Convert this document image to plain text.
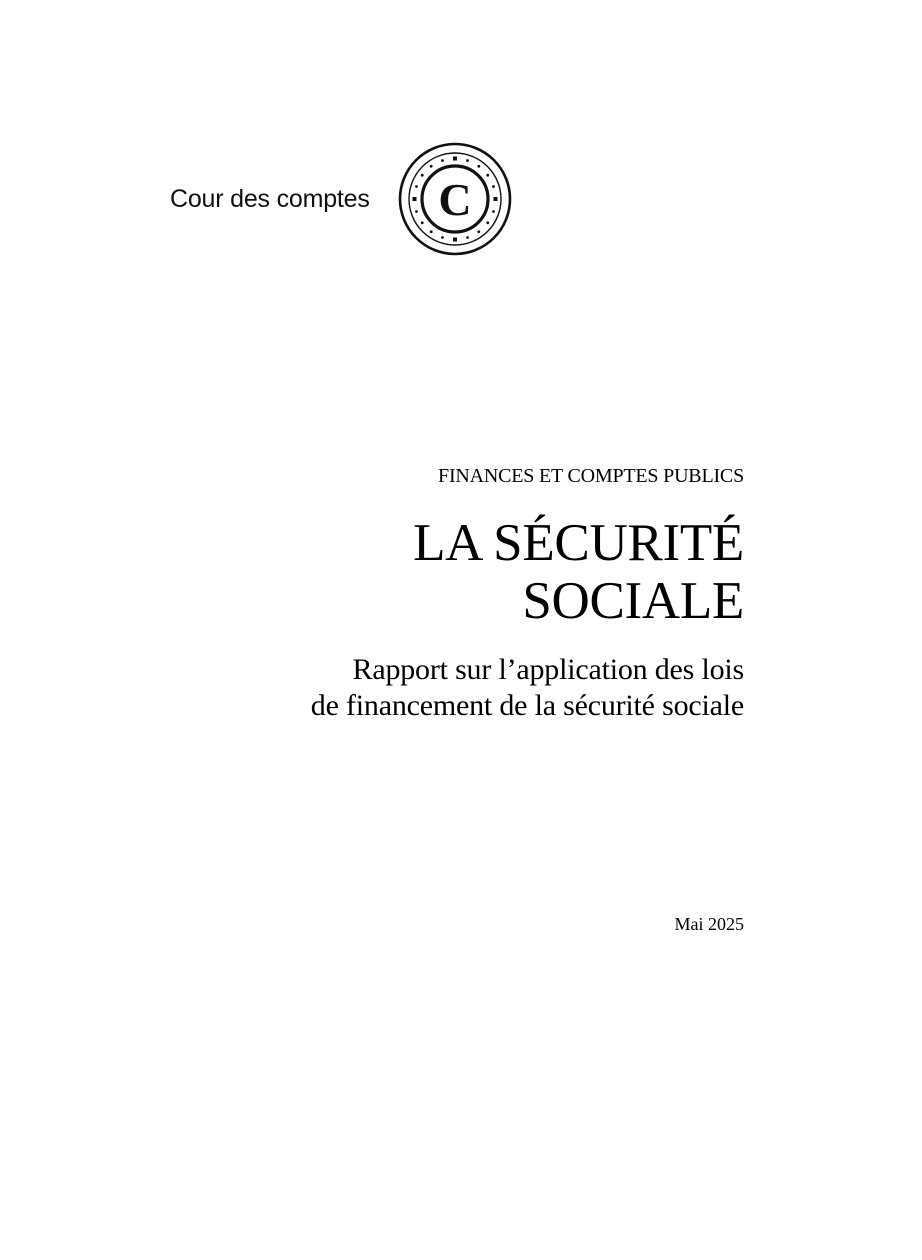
Cour des comptes C
FINANCES ET COMPTES PUBLICS
LA SÉCURITÉ
SOCIALE
Rapport sur l’application des lois
de financement de la sécurité sociale
Mai 2025
